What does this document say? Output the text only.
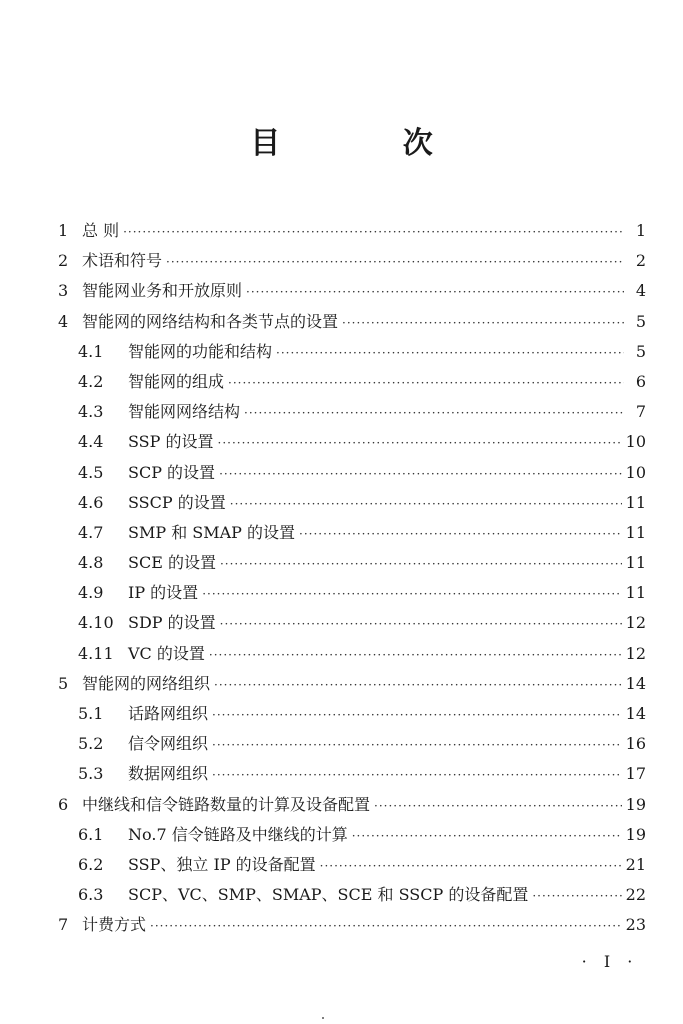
目 次
1 总 则 ·····	1
2 术语和符号 ·····	2
3 智能网业务和开放原则 ·····	4
4 智能网的网络结构和各类节点的设置 ·····	5
4.1	智能网的功能和结构 ·····	5
4.2	智能网的组成 ·····	6
4.3	智能网网络结构 ·····	7
4.4	SSP 的设置 ·····	10
4.5	SCP 的设置 ·····	10
4.6	SSCP 的设置 ·····	11
4.7	SMP 和 SMAP 的设置 ·····	11
4.8	SCE 的设置 ·····	11
4.9	IP 的设置 ·····	11
4.10 SDP 的设置 ·····	12
4.11 VC 的设置 ·····	12
5 智能网的网络组织 ·····	14
5.1	话路网组织 ·····	14
5.2	信令网组织 ·····	16
5.3	数据网组织 ·····	17
6 中继线和信令链路数量的计算及设备配置 ·····	19
6.1	No.7 信令链路及中继线的计算 ·····	19
6.2	SSP、独立 IP 的设备配置 ·····	21
6.3	SCP、VC、SMP、SMAP、SCE 和 SSCP 的设备配置 ·····	22
7 计费方式 ·····	23
· I ·
